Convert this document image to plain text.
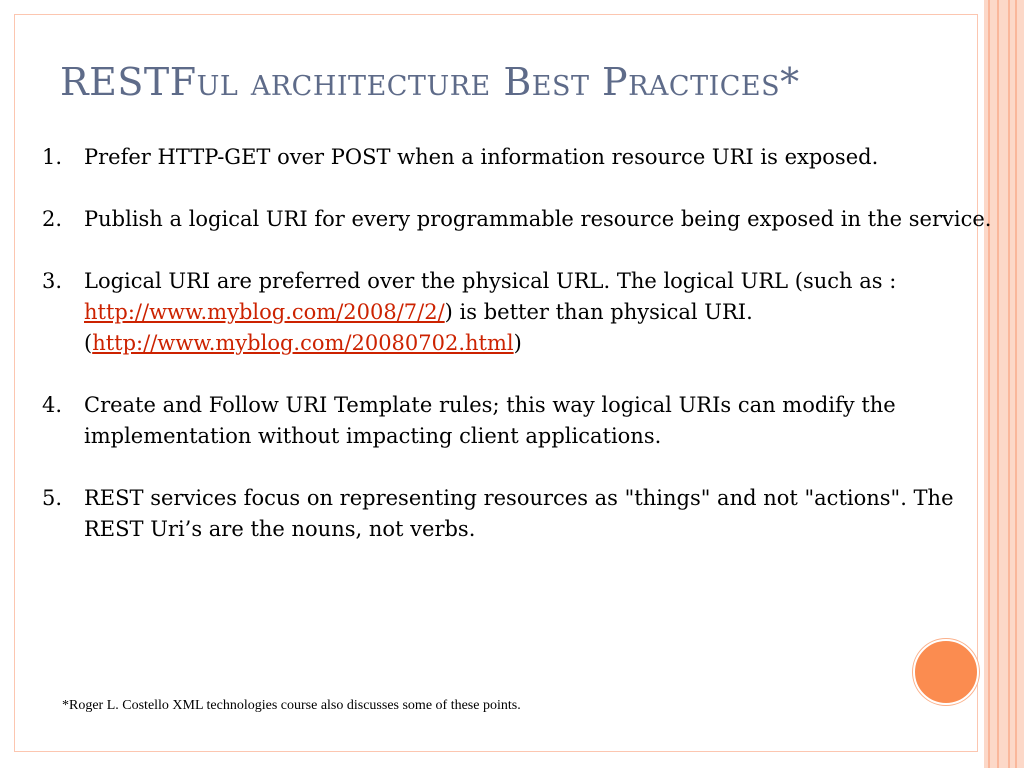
RESTFul architecture Best Practices*
1.	Prefer HTTP-GET over POST when a information resource URI is exposed.
2.	Publish a logical URI for every programmable resource being exposed in the service.
3.	Logical URI are preferred over the physical URL. The logical URL (such as : http://www.myblog.com/2008/7/2/) is better than physical URI. (http://www.myblog.com/20080702.html)
4.	Create and Follow URI Template rules; this way logical URIs can modify the implementation without impacting client applications.
5.	REST services focus on representing resources as "things" and not "actions". The REST Uri’s are the nouns, not verbs.
*Roger L. Costello XML technologies course also discusses some of these points.
